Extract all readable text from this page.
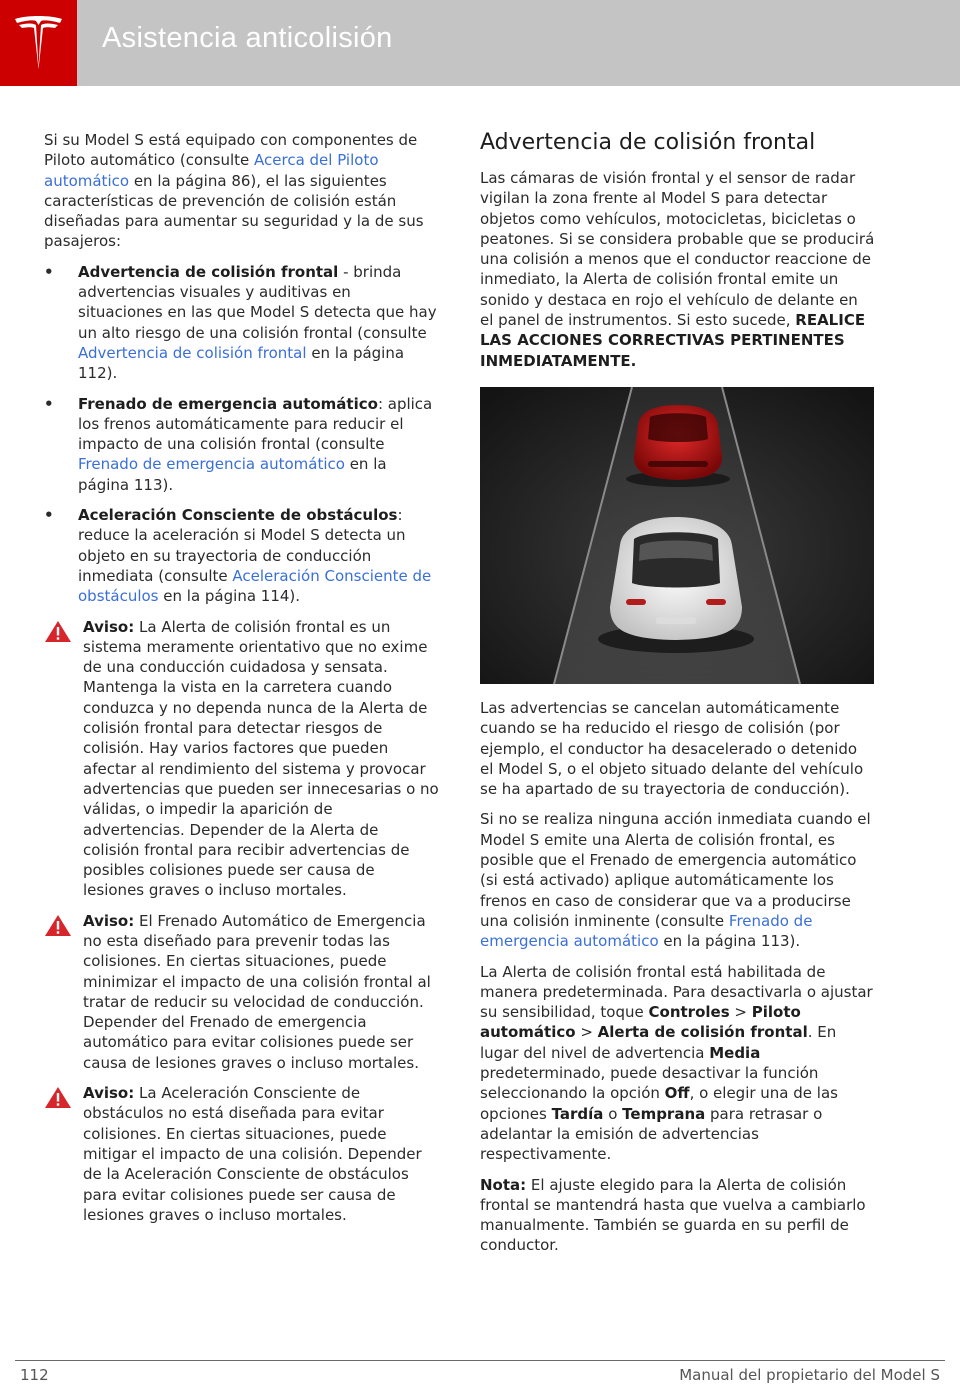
Asistencia anticolisión

Si su Model S está equipado con componentes de Piloto automático (consulte Acerca del Piloto automático en la página 86), el las siguientes características de prevención de colisión están diseñadas para aumentar su seguridad y la de sus pasajeros:

• Advertencia de colisión frontal - brinda advertencias visuales y auditivas en situaciones en las que Model S detecta que hay un alto riesgo de una colisión frontal (consulte Advertencia de colisión frontal en la página 112).
• Frenado de emergencia automático: aplica los frenos automáticamente para reducir el impacto de una colisión frontal (consulte Frenado de emergencia automático en la página 113).
• Aceleración Consciente de obstáculos: reduce la aceleración si Model S detecta un objeto en su trayectoria de conducción inmediata (consulte Aceleración Consciente de obstáculos en la página 114).
Aviso: La Alerta de colisión frontal es un sistema meramente orientativo que no exime de una conducción cuidadosa y sensata. Mantenga la vista en la carretera cuando conduzca y no dependa nunca de la Alerta de colisión frontal para detectar riesgos de colisión. Hay varios factores que pueden afectar al rendimiento del sistema y provocar advertencias que pueden ser innecesarias o no válidas, o impedir la aparición de advertencias. Depender de la Alerta de colisión frontal para recibir advertencias de posibles colisiones puede ser causa de lesiones graves o incluso mortales.
Aviso: El Frenado Automático de Emergencia no esta diseñado para prevenir todas las colisiones. En ciertas situaciones, puede minimizar el impacto de una colisión frontal al tratar de reducir su velocidad de conducción. Depender del Frenado de emergencia automático para evitar colisiones puede ser causa de lesiones graves o incluso mortales.
Aviso: La Aceleración Consciente de obstáculos no está diseñada para evitar colisiones. En ciertas situaciones, puede mitigar el impacto de una colisión. Depender de la Aceleración Consciente de obstáculos para evitar colisiones puede ser causa de lesiones graves o incluso mortales.
Advertencia de colisión frontal

Las cámaras de visión frontal y el sensor de radar vigilan la zona frente al Model S para detectar objetos como vehículos, motocicletas, bicicletas o peatones. Si se considera probable que se producirá una colisión a menos que el conductor reaccione de inmediato, la Alerta de colisión frontal emite un sonido y destaca en rojo el vehículo de delante en el panel de instrumentos. Si esto sucede, REALICE LAS ACCIONES CORRECTIVAS PERTINENTES INMEDIATAMENTE.

Las advertencias se cancelan automáticamente cuando se ha reducido el riesgo de colisión (por ejemplo, el conductor ha desacelerado o detenido el Model S, o el objeto situado delante del vehículo se ha apartado de su trayectoria de conducción).

Si no se realiza ninguna acción inmediata cuando el Model S emite una Alerta de colisión frontal, es posible que el Frenado de emergencia automático (si está activado) aplique automáticamente los frenos en caso de considerar que va a producirse una colisión inminente (consulte Frenado de emergencia automático en la página 113).

La Alerta de colisión frontal está habilitada de manera predeterminada. Para desactivarla o ajustar su sensibilidad, toque Controles > Piloto automático > Alerta de colisión frontal. En lugar del nivel de advertencia Media predeterminado, puede desactivar la función seleccionando la opción Off, o elegir una de las opciones Tardía o Temprana para retrasar o adelantar la emisión de advertencias respectivamente.

Nota: El ajuste elegido para la Alerta de colisión frontal se mantendrá hasta que vuelva a cambiarlo manualmente. También se guarda en su perfil de conductor.

112	Manual del propietario del Model S
